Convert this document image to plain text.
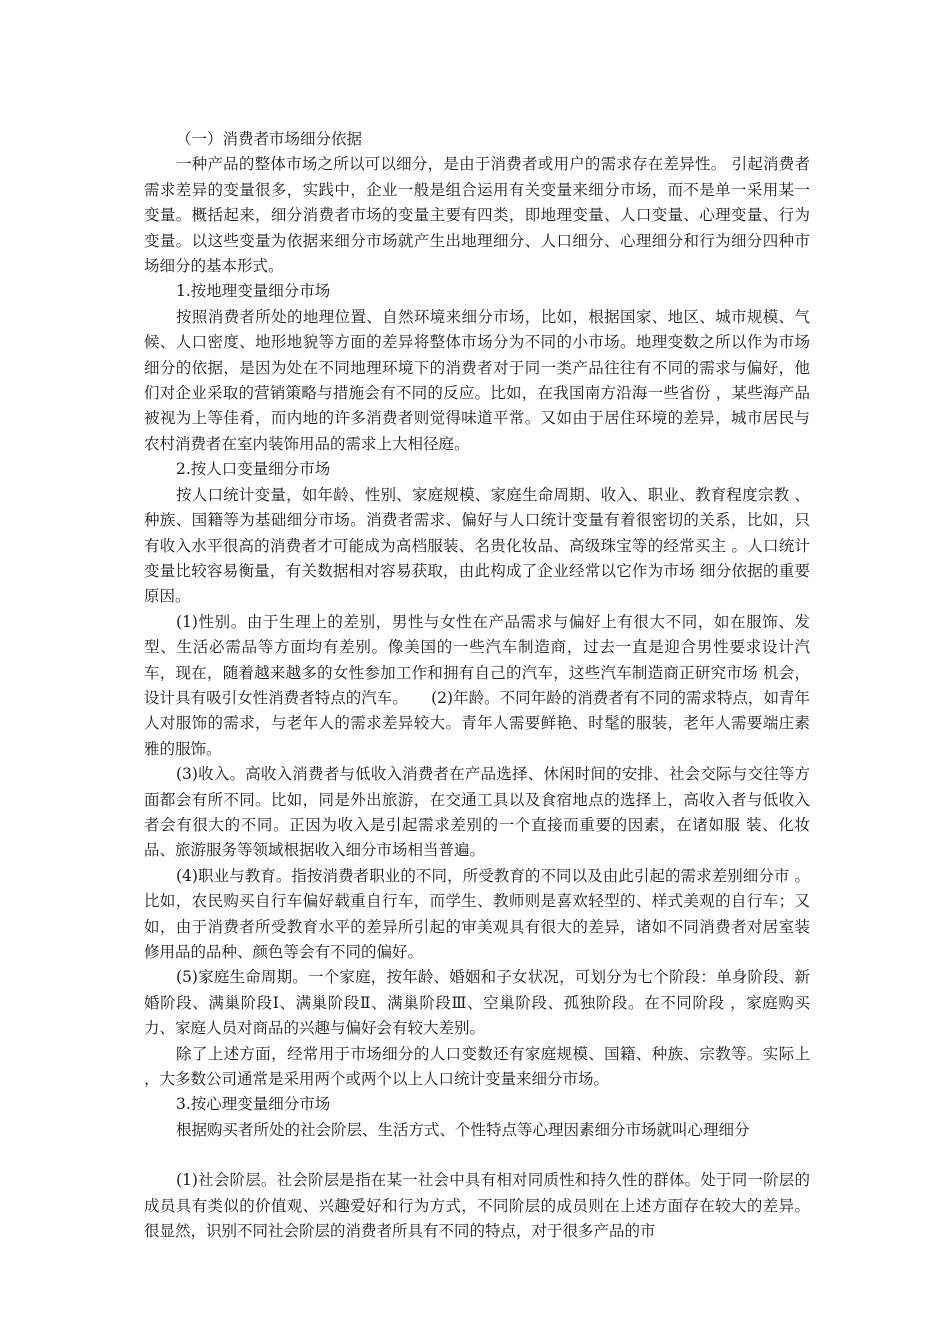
（一）消费者市场细分依据

一种产品的整体市场之所以可以细分，是由于消费者或用户的需求存在差异性。 引起消费者需求差异的变量很多，实践中，企业一般是组合运用有关变量来细分市场，而不是单一采用某一变量。概括起来，细分消费者市场的变量主要有四类，即地理变量、人口变量、心理变量、行为变量。以这些变量为依据来细分市场就产生出地理细分、人口细分、心理细分和行为细分四种市场细分的基本形式。

1.按地理变量细分市场

按照消费者所处的地理位置、自然环境来细分市场，比如，根据国家、地区、城市规模、气候、人口密度、地形地貌等方面的差异将整体市场分为不同的小市场。地理变数之所以作为市场细分的依据，是因为处在不同地理环境下的消费者对于同一类产品往往有不同的需求与偏好，他们对企业采取的营销策略与措施会有不同的反应。比如，在我国南方沿海一些省份 ，某些海产品被视为上等佳肴，而内地的许多消费者则觉得味道平常。又如由于居住环境的差异，城市居民与农村消费者在室内装饰用品的需求上大相径庭。

2.按人口变量细分市场

按人口统计变量，如年龄、性别、家庭规模、家庭生命周期、收入、职业、教育程度宗教 、种族、国籍等为基础细分市场。消费者需求、偏好与人口统计变量有着很密切的关系，比如，只有收入水平很高的消费者才可能成为高档服装、名贵化妆品、高级珠宝等的经常买主 。人口统计变量比较容易衡量，有关数据相对容易获取，由此构成了企业经常以它作为市场 细分依据的重要原因。

(1)性别。由于生理上的差别，男性与女性在产品需求与偏好上有很大不同，如在服饰、发 型、生活必需品等方面均有差别。像美国的一些汽车制造商，过去一直是迎合男性要求设计汽车，现在，随着越来越多的女性参加工作和拥有自己的汽车，这些汽车制造商正研究市场 机会，设计具有吸引女性消费者特点的汽车。　　(2)年龄。不同年龄的消费者有不同的需求特点，如青年人对服饰的需求，与老年人的需求差异较大。青年人需要鲜艳、时髦的服装，老年人需要端庄素雅的服饰。

(3)收入。高收入消费者与低收入消费者在产品选择、休闲时间的安排、社会交际与交往等方面都会有所不同。比如，同是外出旅游，在交通工具以及食宿地点的选择上，高收入者与低收入者会有很大的不同。正因为收入是引起需求差别的一个直接而重要的因素，在诸如服 装、化妆品、旅游服务等领域根据收入细分市场相当普遍。

(4)职业与教育。指按消费者职业的不同，所受教育的不同以及由此引起的需求差别细分市 。比如，农民购买自行车偏好载重自行车，而学生、教师则是喜欢轻型的、样式美观的自行车；又如，由于消费者所受教育水平的差异所引起的审美观具有很大的差异，诸如不同消费者对居室装修用品的品种、颜色等会有不同的偏好。

(5)家庭生命周期。一个家庭，按年龄、婚姻和子女状况，可划分为七个阶段：单身阶段、新婚阶段、满巢阶段Ⅰ、满巢阶段Ⅱ、满巢阶段Ⅲ、空巢阶段、孤独阶段。在不同阶段 ，家庭购买力、家庭人员对商品的兴趣与偏好会有较大差别。

除了上述方面，经常用于市场细分的人口变数还有家庭规模、国籍、种族、宗教等。实际上 ，大多数公司通常是采用两个或两个以上人口统计变量来细分市场。

3.按心理变量细分市场

根据购买者所处的社会阶层、生活方式、个性特点等心理因素细分市场就叫心理细分

(1)社会阶层。社会阶层是指在某一社会中具有相对同质性和持久性的群体。处于同一阶层的成员具有类似的价值观、兴趣爱好和行为方式，不同阶层的成员则在上述方面存在较大的差异。很显然，识别不同社会阶层的消费者所具有不同的特点，对于很多产品的市
